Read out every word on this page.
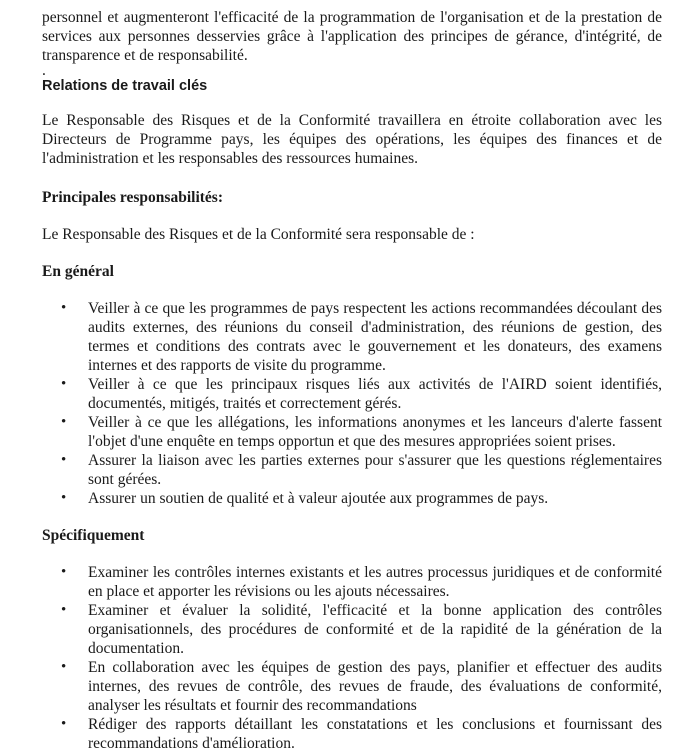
personnel et augmenteront l'efficacité de la programmation de l'organisation et de la prestation de services aux personnes desservies grâce à l'application des principes de gérance, d'intégrité, de transparence et de responsabilité.

.
Relations de travail clés

Le Responsable des Risques et de la Conformité travaillera en étroite collaboration avec les Directeurs de Programme pays, les équipes des opérations, les équipes des finances et de l'administration et les responsables des ressources humaines.

Principales responsabilités:

Le Responsable des Risques et de la Conformité sera responsable de :

En général
• Veiller à ce que les programmes de pays respectent les actions recommandées découlant des audits externes, des réunions du conseil d'administration, des réunions de gestion, des termes et conditions des contrats avec le gouvernement et les donateurs, des examens internes et des rapports de visite du programme.
• Veiller à ce que les principaux risques liés aux activités de l'AIRD soient identifiés, documentés, mitigés, traités et correctement gérés.
• Veiller à ce que les allégations, les informations anonymes et les lanceurs d'alerte fassent l'objet d'une enquête en temps opportun et que des mesures appropriées soient prises.
• Assurer la liaison avec les parties externes pour s'assurer que les questions réglementaires sont gérées.
• Assurer un soutien de qualité et à valeur ajoutée aux programmes de pays.
Spécifiquement
• Examiner les contrôles internes existants et les autres processus juridiques et de conformité en place et apporter les révisions ou les ajouts nécessaires.
• Examiner et évaluer la solidité, l'efficacité et la bonne application des contrôles organisationnels, des procédures de conformité et de la rapidité de la génération de la documentation.
• En collaboration avec les équipes de gestion des pays, planifier et effectuer des audits internes, des revues de contrôle, des revues de fraude, des évaluations de conformité, analyser les résultats et fournir des recommandations
• Rédiger des rapports détaillant les constatations et les conclusions et fournissant des recommandations d'amélioration.
